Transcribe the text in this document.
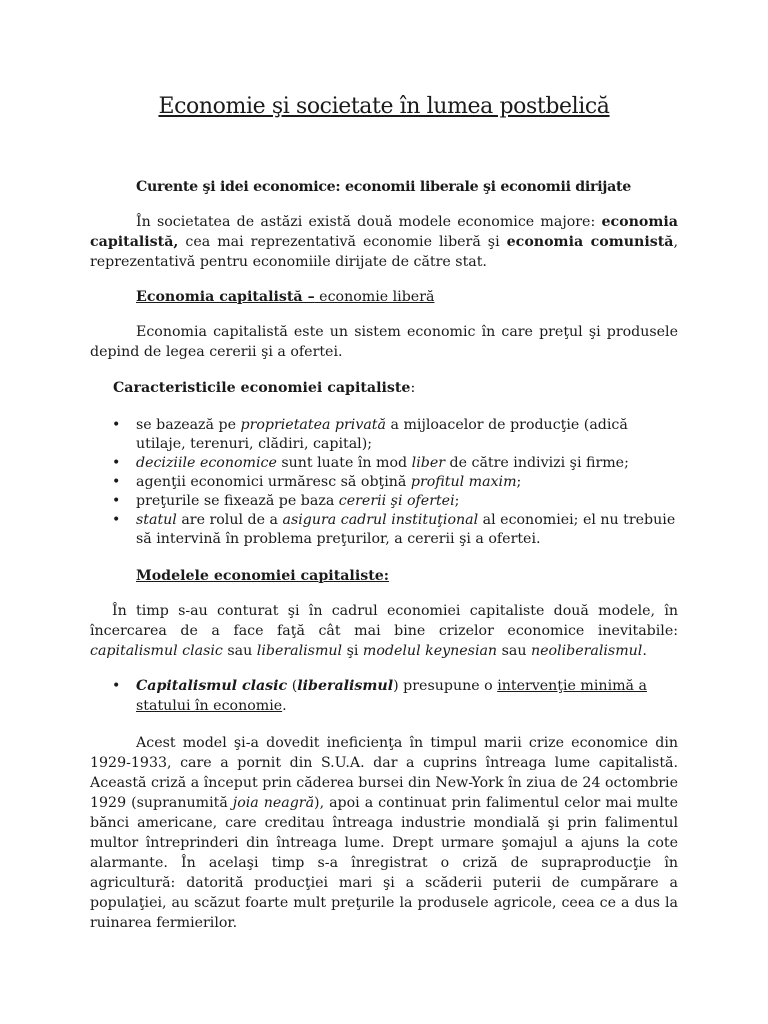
Economie şi societate în lumea postbelică

Curente şi idei economice: economii liberale şi economii dirijate

În societatea de astăzi există două modele economice majore: economia capitalistă, cea mai reprezentativă economie liberă şi economia comunistă, reprezentativă pentru economiile dirijate de către stat.

Economia capitalistă – economie liberă

Economia capitalistă este un sistem economic în care preţul şi produsele depind de legea cererii şi a ofertei.

Caracteristicile economiei capitaliste:

• se bazează pe proprietatea privată a mijloacelor de producţie (adică utilaje, terenuri, clădiri, capital);
• deciziile economice sunt luate în mod liber de către indivizi şi firme;
• agenţii economici urmăresc să obţină profitul maxim;
• preţurile se fixează pe baza cererii şi ofertei;
• statul are rolul de a asigura cadrul instituţional al economiei; el nu trebuie să intervină în problema preţurilor, a cererii şi a ofertei.

Modelele economiei capitaliste:

În timp s-au conturat şi în cadrul economiei capitaliste două modele, în încercarea de a face faţă cât mai bine crizelor economice inevitabile: capitalismul clasic sau liberalismul şi modelul keynesian sau neoliberalismul.

• Capitalismul clasic (liberalismul) presupune o intervenţie minimă a statului în economie.

Acest model şi-a dovedit ineficienţa în timpul marii crize economice din 1929-1933, care a pornit din S.U.A. dar a cuprins întreaga lume capitalistă. Această criză a început prin căderea bursei din New-York în ziua de 24 octombrie 1929 (supranumită joia neagră), apoi a continuat prin falimentul celor mai multe bănci americane, care creditau întreaga industrie mondială şi prin falimentul multor întreprinderi din întreaga lume. Drept urmare şomajul a ajuns la cote alarmante. În acelaşi timp s-a înregistrat o criză de supraproducţie în agricultură: datorită producţiei mari şi a scăderii puterii de cumpărare a populaţiei, au scăzut foarte mult preţurile la produsele agricole, ceea ce a dus la ruinarea fermierilor.
